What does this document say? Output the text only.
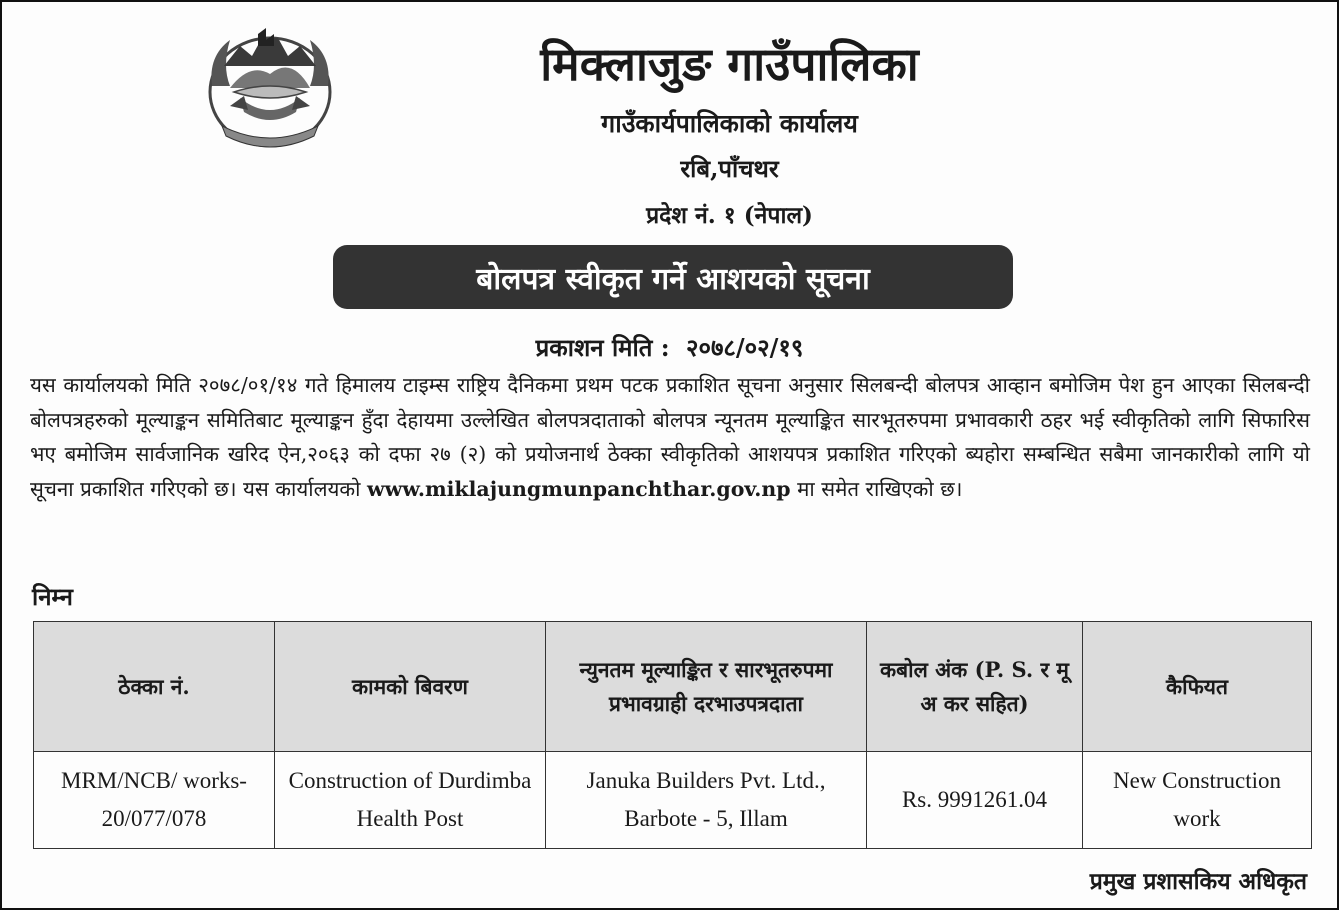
मिक्लाजुङ गाउँपालिका
गाउँकार्यपालिकाको कार्यालय
रबि,पाँचथर
प्रदेश नं. १ (नेपाल)
बोलपत्र स्वीकृत गर्ने आशयको सूचना
प्रकाशन मिति : २०७८/०२/१९
यस कार्यालयको मिति २०७८/०१/१४ गते हिमालय टाइम्स राष्ट्रिय दैनिकमा प्रथम पटक प्रकाशित सूचना अनुसार सिलबन्दी बोलपत्र आव्हान बमोजिम पेश हुन आएका सिलबन्दी बोलपत्रहरुको मूल्याङ्कन समितिबाट मूल्याङ्कन हुँदा देहायमा उल्लेखित बोलपत्रदाताको बोलपत्र न्यूनतम मूल्याङ्कित सारभूतरुपमा प्रभावकारी ठहर भई स्वीकृतिको लागि सिफारिस भए बमोजिम सार्वजानिक खरिद ऐन,२०६३ को दफा २७ (२) को प्रयोजनार्थ ठेक्का स्वीकृतिको आशयपत्र प्रकाशित गरिएको ब्यहोरा सम्बन्धित सबैमा जानकारीको लागि यो सूचना प्रकाशित गरिएको छ। यस कार्यालयको www.miklajungmunpanchthar.gov.np मा समेत राखिएको छ।
निम्न
ठेक्का नं.	कामको बिवरण	न्युनतम मूल्याङ्कित र सारभूतरुपमा प्रभावग्राही दरभाउपत्रदाता	कबोल अंक (P. S. र मू अ कर सहित)	कैफियत
MRM/NCB/ works-20/077/078	Construction of Durdimba Health Post	Januka Builders Pvt. Ltd., Barbote - 5, Illam	Rs. 9991261.04	New Construction work
प्रमुख प्रशासकिय अधिकृत
